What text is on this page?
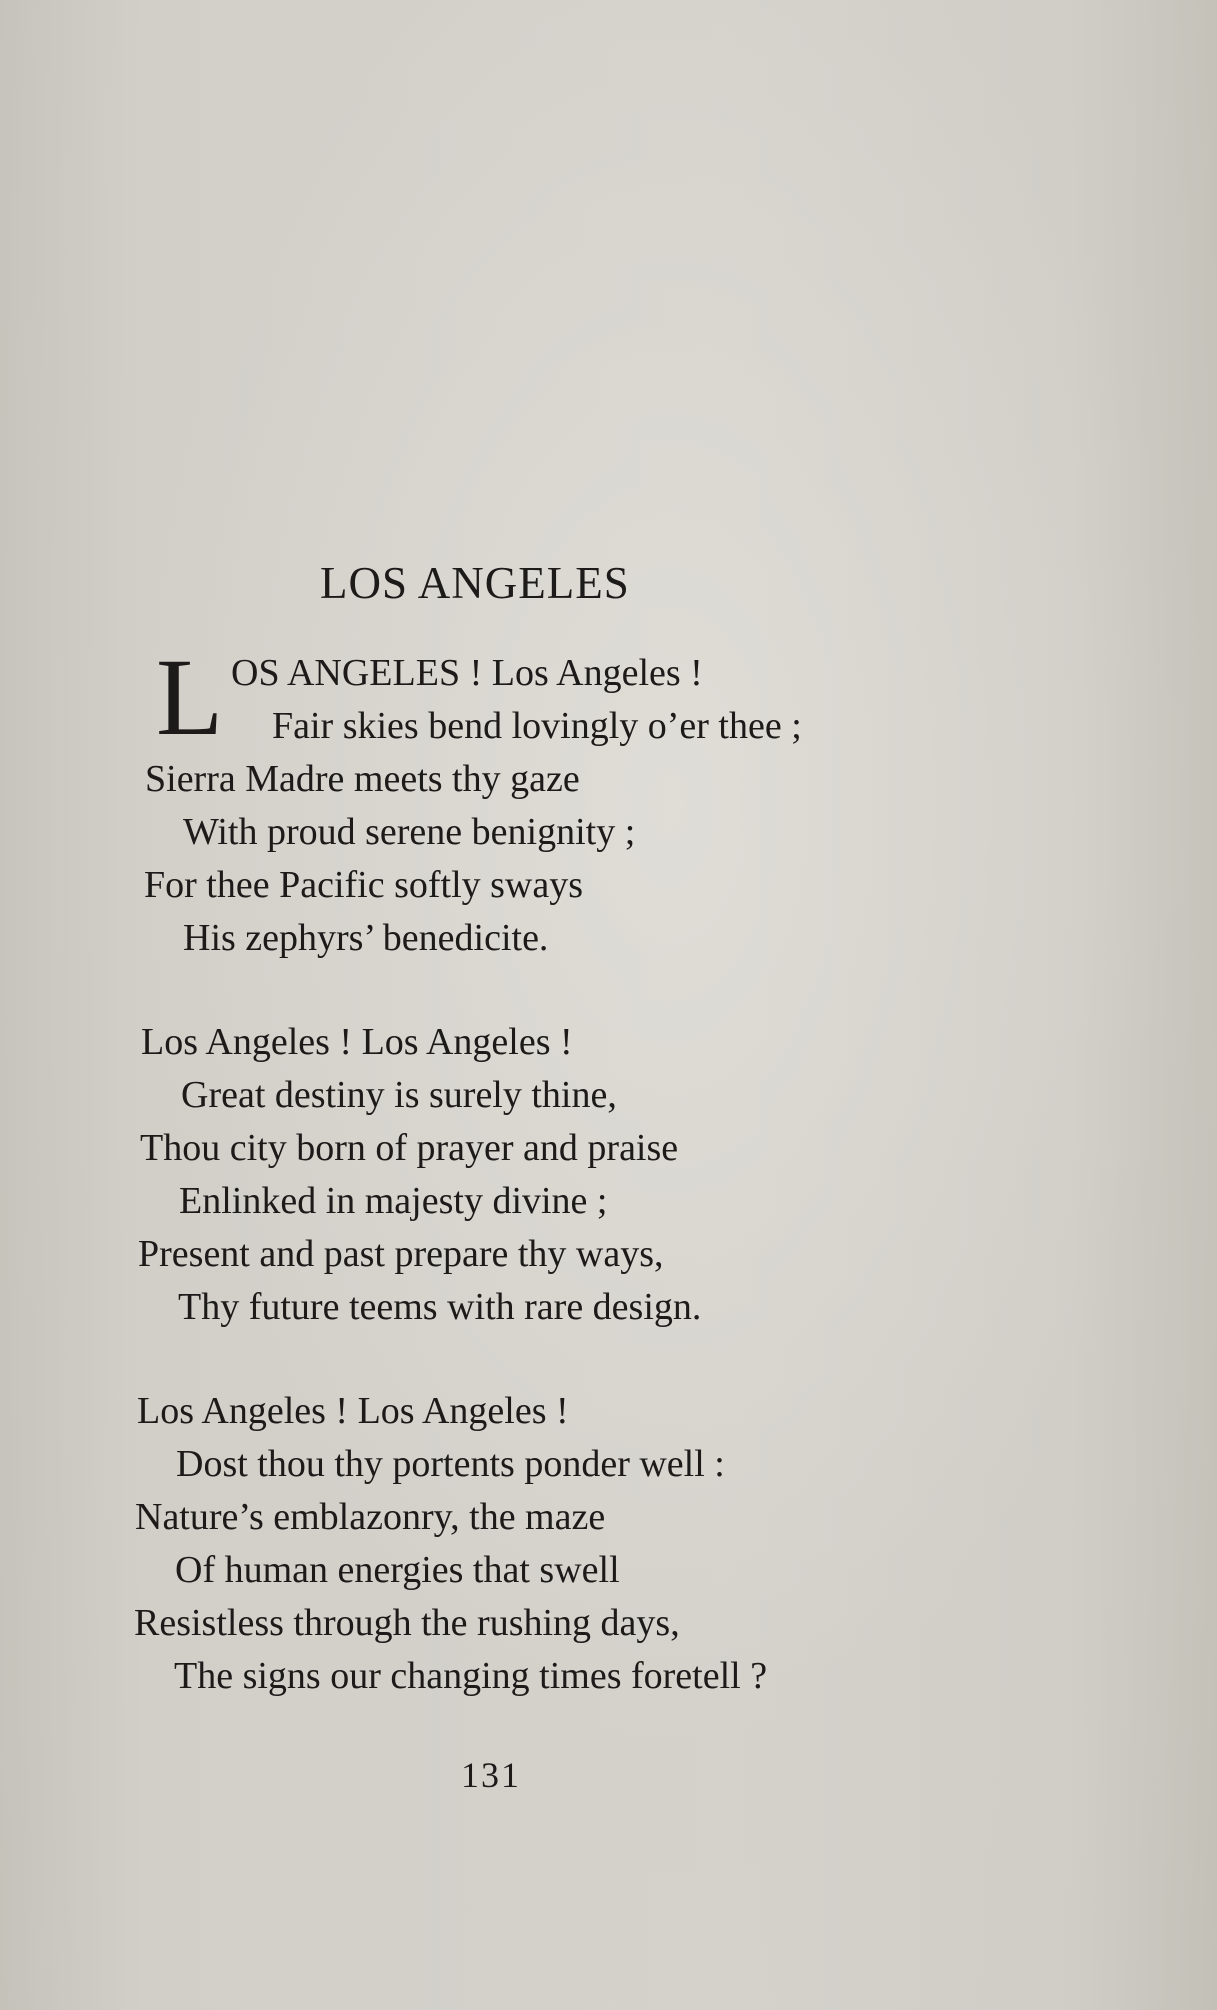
LOS ANGELES
L OS ANGELES ! Los Angeles !
Fair skies bend lovingly o’er thee ;
Sierra Madre meets thy gaze
With proud serene benignity ;
For thee Pacific softly sways
His zephyrs’ benedicite.
Los Angeles ! Los Angeles !
Great destiny is surely thine,
Thou city born of prayer and praise
Enlinked in majesty divine ;
Present and past prepare thy ways,
Thy future teems with rare design.
Los Angeles ! Los Angeles !
Dost thou thy portents ponder well :
Nature’s emblazonry, the maze
Of human energies that swell
Resistless through the rushing days,
The signs our changing times foretell ?
131
